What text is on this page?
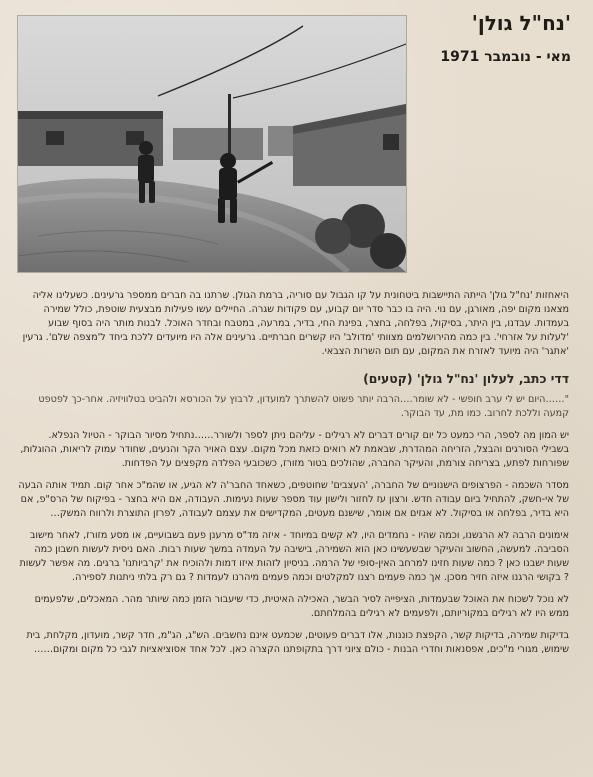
'נח"ל גולן'
מאי - נובמבר 1971

היאחזות 'נח"ל גולן' הייתה התיישבות ביטחונית על קו הגבול עם סוריה, ברמת הגולן. שרתנו בה חברים ממספר גרעינים. כשעלינו אליה מצאנו מקום יפה, מאורגן, עם נוי. היה בו כבר סדר יום קבוע, עם פקודות שגרה. החיילים עשו פעילות מבצעית שוטפת, כולל שמירה בעמדות. עבדנו, בין היתר, בסיקול, בפלחה, בחצר, בפינת החי, בדיר, במרעה, במטבח ובחדר האוכל. לבנות מותר היה בסוף שבוע 'לעלות על אזרחי'. בין כמה מהירושלמים מצוותי 'מדולב' היו קשרים חברתיים. גרעינים אלה היו מיועדים ללכת ביחד ל'מצפה שלם'. גרעין 'אתגר' היה מיועד לאזרח את המקום, עם תום השרות הצבאי.

דדי כתב, לעלון 'נח"ל גולן' (קטעים)

"……היום יש לי ערב חופשי - לא שומר….הרבה יותר פשוט להשתרך למועדון, לרבוץ על הכורסא ולהביט בטלוויזיה. אחר-כך לפטפט קמעה וללכת לחרוב. כמו מת, עד הבוקר.

יש המון מה לספר, הרי כמעט כל יום קורים דברים לא רגילים - עליהם ניתן לספר ולשורר……נתחיל מסיור הבוקר - הטיול הנפלא. בשבילי הסורגים והבצל, הזריחה המהדרת, שבאמת לא רואים כזאת מכל מקום. עצם האויר הקר והנעים, שחודר עמוק לריאות, ההוגלות, שפורחות לפתע, בצריחה צורמת, והעיקר החברה, שהולכים בטור מזורז, כשכובעי הפלדה מקפצים על הפדחות.

מסדר השכמה - הפרצופים הישנוניים של החברה, 'העצבים' שחוטפים, כשאחד החבר'ה לא הגיע, או שהמ"כ אחר קום. תמיד אותה הבעה של אי-חשק, להתחיל ביום עבודה חדש. ורצון עז לחזור ולישון עוד מספר שעות נעימות. העבודה, אם היא בחצר - בפיקוח של הרס"פ, אם היא בדיר, בפלחה או בסיקול. לא אגזים אם אומר, שישנם מעטים, המקדישים את עצמם לעבודה, לפרזן התוצרת ולרווח המשק…

אימונים הרבה לא הרגשנו, וכמה שהיו - נחמדים היו, לא קשים במיוחד - איזה מד"ס מרענן פעם בשבועיים, או מסע מזורז, לאחר מישוב הסביבה. למעשה, החשוב והעיקר שבשעשינו כאן הוא השמירה, בישיבה על העמדה במשך שעות רבות. האם ניסית לעשות חשבון כמה שעות ישבנו כאן ? כמה שעות חזינו למרחב האין-סופי של הרמה. בניסיון לזהות איזו דמות ולהוכיח את 'קרביותנו' ברגים. מה אפשר לעשות ? בקושי הרגנו איזה חזיר מסכן. אך כמה פעמים רצנו למקלטים וכמה פעמים מיהרנו לעמדות ? גם רק בלתי ניתנות לספירה.

לא נוכל לשכוח את האוכל שבעמדות, הציפייה לסיר הבשר, האכילה האיטית, כדי שיעבור הזמן כמה שיותר מהר. המאכלים, שלפעמים ממש היו לא רגילים במקוריותם, ולפעמים לא רגילים בהמלחתם.

בדיקות שמירה, בדיקות קשר, הקפצת כוננות, אלו דברים פעוטים, שכמעט אינם נחשבים. הש"ג, הג"מ, חדר קשר, מועדון, מקלחת, בית שימוש, מגורי מ"כים, אפסנאות וחדרי הבנות - כולם ציוני דרך בתקופתנו הקצרה כאן. לכל אחד אסוציאציות לגבי כל מקום ומקום……
